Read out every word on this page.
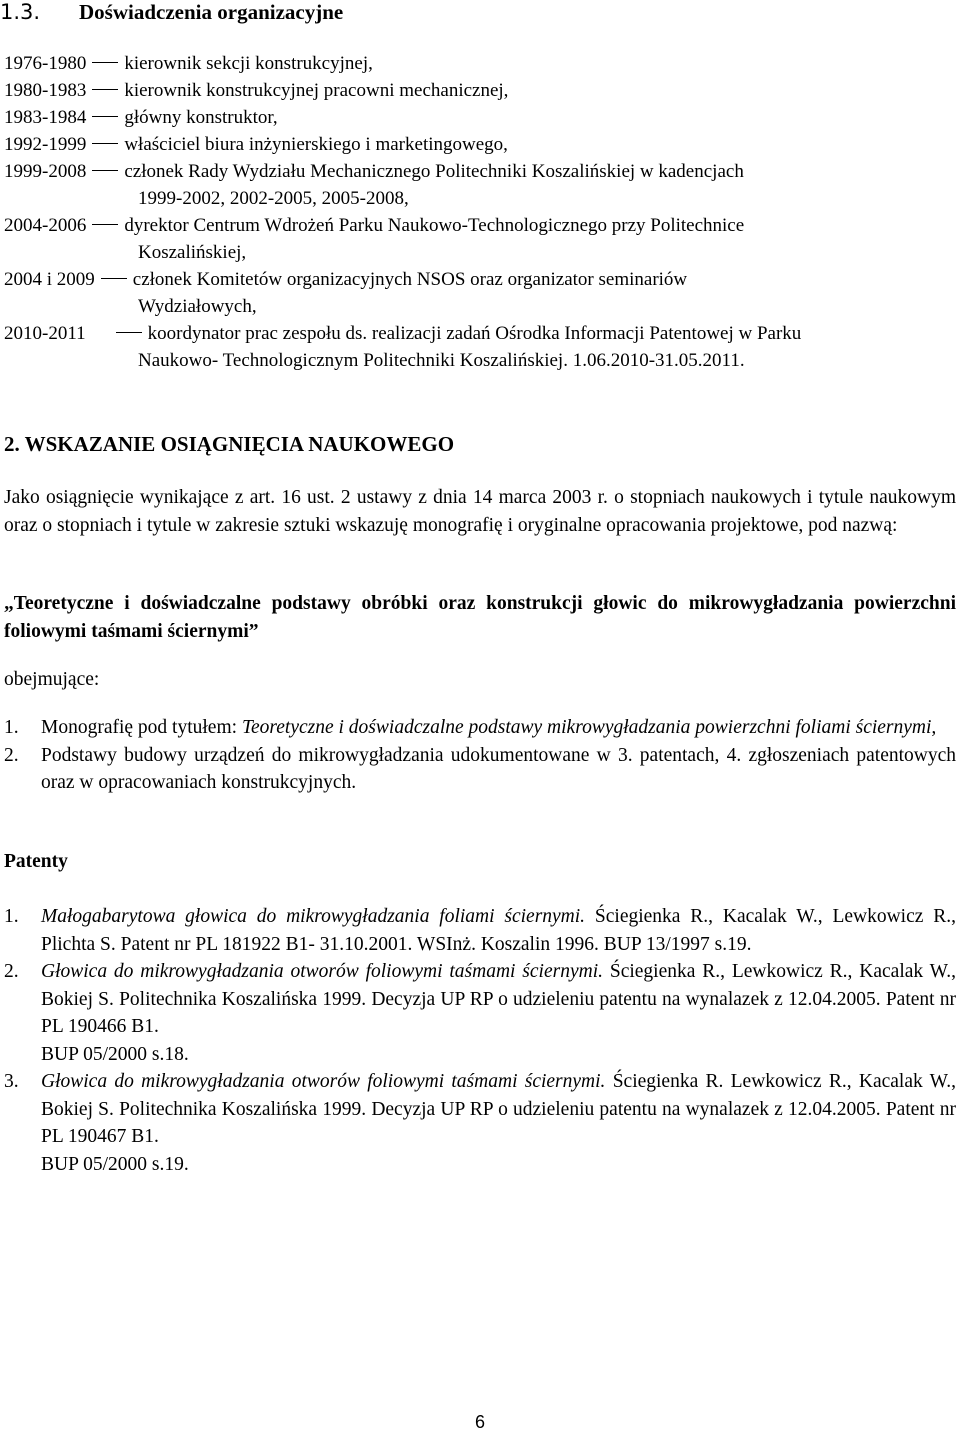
1.3. Doświadczenia organizacyjne
1976-1980 kierownik sekcji konstrukcyjnej,
1980-1983 kierownik konstrukcyjnej pracowni mechanicznej,
1983-1984 główny konstruktor,
1992-1999 właściciel biura inżynierskiego i marketingowego,
1999-2008 członek Rady Wydziału Mechanicznego Politechniki Koszalińskiej w kadencjach
1999-2002, 2002-2005, 2005-2008,
2004-2006 dyrektor Centrum Wdrożeń Parku Naukowo-Technologicznego przy Politechnice
Koszalińskiej,
2004 i 2009 członek Komitetów organizacyjnych NSOS oraz organizator seminariów
Wydziałowych,
2010-2011	koordynator prac zespołu ds. realizacji zadań Ośrodka Informacji Patentowej w Parku
Naukowo- Technologicznym Politechniki Koszalińskiej. 1.06.2010-31.05.2011.
2. WSKAZANIE OSIĄGNIĘCIA NAUKOWEGO
Jako osiągnięcie wynikające z art. 16 ust. 2 ustawy z dnia 14 marca 2003 r. o stopniach naukowych i tytule naukowym oraz o stopniach i tytule w zakresie sztuki wskazuję monografię i oryginalne opracowania projektowe, pod nazwą:
„Teoretyczne i doświadczalne podstawy obróbki oraz konstrukcji głowic do mikrowygładzania powierzchni foliowymi taśmami ściernymi”
obejmujące:
1. Monografię pod tytułem: Teoretyczne i doświadczalne podstawy mikrowygładzania powierzchni foliami ściernymi,
2. Podstawy budowy urządzeń do mikrowygładzania udokumentowane w 3. patentach, 4. zgłoszeniach patentowych oraz w opracowaniach konstrukcyjnych.
Patenty
1. Małogabarytowa głowica do mikrowygładzania foliami ściernymi. Ściegienka R., Kacalak W., Lewkowicz R., Plichta S. Patent nr PL 181922 B1- 31.10.2001. WSInż. Koszalin 1996. BUP 13/1997 s.19.
2. Głowica do mikrowygładzania otworów foliowymi taśmami ściernymi. Ściegienka R., Lewkowicz R., Kacalak W., Bokiej S. Politechnika Koszalińska 1999. Decyzja UP RP o udzieleniu patentu na wynalazek z 12.04.2005. Patent nr PL 190466 B1.
BUP 05/2000 s.18.
3. Głowica do mikrowygładzania otworów foliowymi taśmami ściernymi. Ściegienka R. Lewkowicz R., Kacalak W., Bokiej S. Politechnika Koszalińska 1999. Decyzja UP RP o udzieleniu patentu na wynalazek z 12.04.2005. Patent nr PL 190467 B1.
BUP 05/2000 s.19.
6
